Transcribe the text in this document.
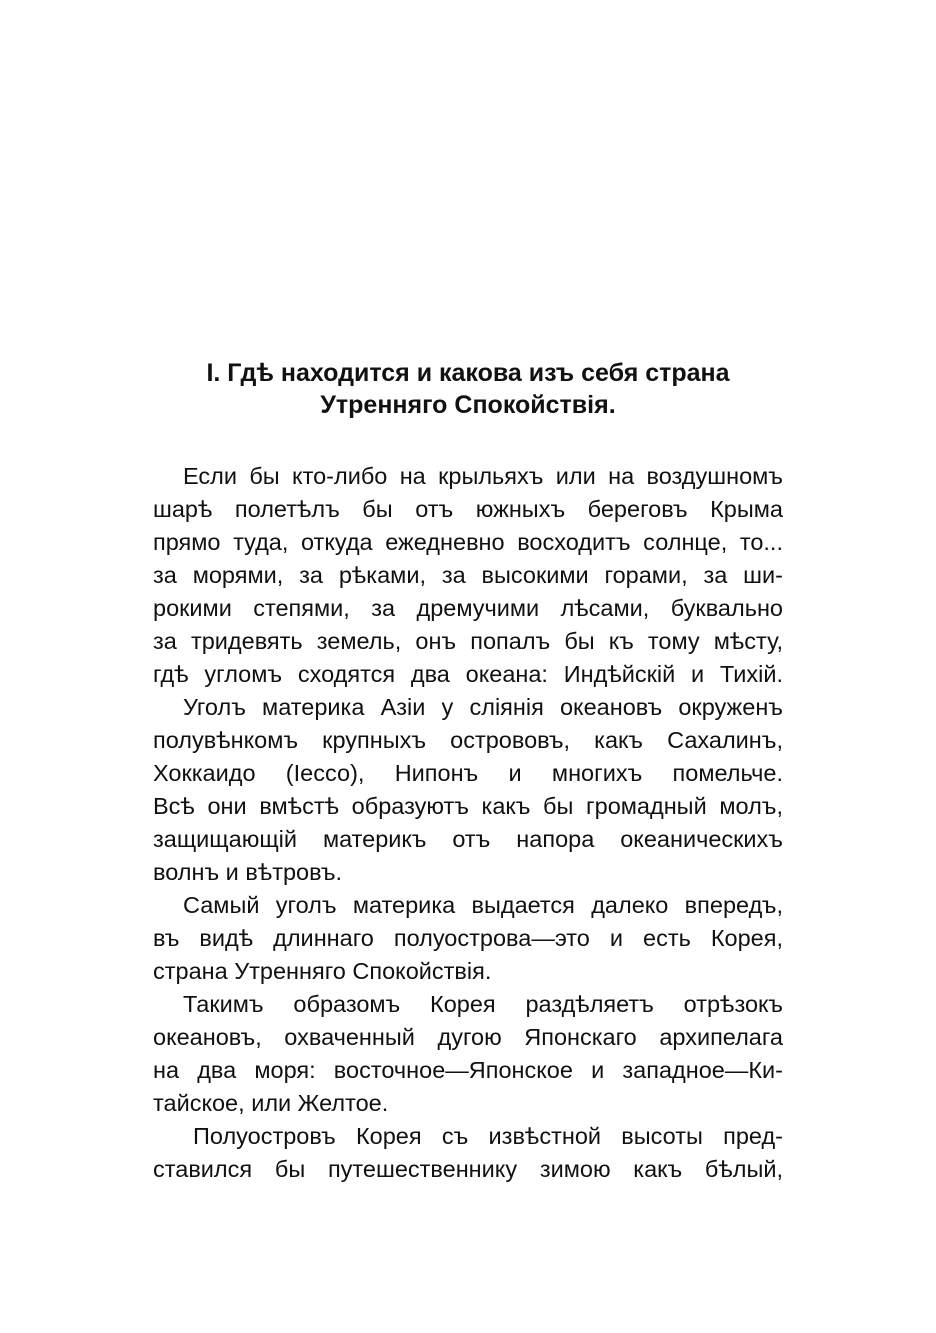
I. Гдѣ находится и какова изъ себя страна
Утренняго Спокойствія.
Если бы кто-либо на крыльяхъ или на воздушномъ
шарѣ полетѣлъ бы отъ южныхъ береговъ Крыма
прямо туда, откуда ежедневно восходитъ солнце, то...
за морями, за рѣками, за высокими горами, за ши-
рокими степями, за дремучими лѣсами, буквально
за тридевять земель, онъ попалъ бы къ тому мѣсту,
гдѣ угломъ сходятся два океана: Индѣйскій и Тихій.
Уголъ материка Азіи у слiянiя океановъ окруженъ
полувѣнкомъ крупныхъ острововъ, какъ Сахалинъ,
Хоккаидо (Iессо), Нипонъ и многихъ помельче.
Всѣ они вмѣстѣ образуютъ какъ бы громадный молъ,
защищающій материкъ отъ напора океаническихъ
волнъ и вѣтровъ.
Самый уголъ материка выдается далеко впередъ,
въ видѣ длиннаго полуострова—это и есть Корея,
страна Утренняго Спокойствія.
Такимъ образомъ Корея раздѣляетъ отрѣзокъ
океановъ, охваченный дугою Японскаго архипелага
на два моря: восточное—Японское и западное—Ки-
тайское, или Желтое.
Полуостровъ Корея съ извѣстной высоты пред-
ставился бы путешественнику зимою какъ бѣлый,
